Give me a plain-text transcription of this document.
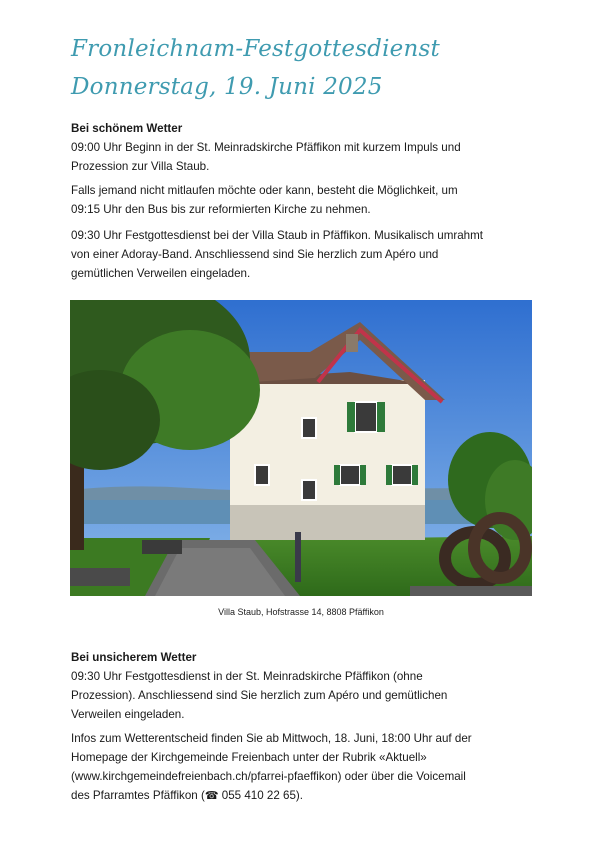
Fronleichnam-Festgottesdienst
Donnerstag, 19. Juni 2025

Bei schönem Wetter

09:00 Uhr Beginn in der St. Meinradskirche Pfäffikon mit kurzem Impuls und

Prozession zur Villa Staub.

Falls jemand nicht mitlaufen möchte oder kann, besteht die Möglichkeit, um

09:15 Uhr den Bus bis zur reformierten Kirche zu nehmen.

09:30 Uhr Festgottesdienst bei der Villa Staub in Pfäffikon. Musikalisch umrahmt

von einer Adoray-Band. Anschliessend sind Sie herzlich zum Apéro und

gemütlichen Verweilen eingeladen.

Villa Staub, Hofstrasse 14, 8808 Pfäffikon

Bei unsicherem Wetter

09:30 Uhr Festgottesdienst in der St. Meinradskirche Pfäffikon (ohne

Prozession). Anschliessend sind Sie herzlich zum Apéro und gemütlichen

Verweilen eingeladen.

Infos zum Wetterentscheid finden Sie ab Mittwoch, 18. Juni, 18:00 Uhr auf der

Homepage der Kirchgemeinde Freienbach unter der Rubrik «Aktuell»

(www.kirchgemeindefreienbach.ch/pfarrei-pfaeffikon) oder über die Voicemail

des Pfarramtes Pfäffikon (☎ 055 410 22 65).
